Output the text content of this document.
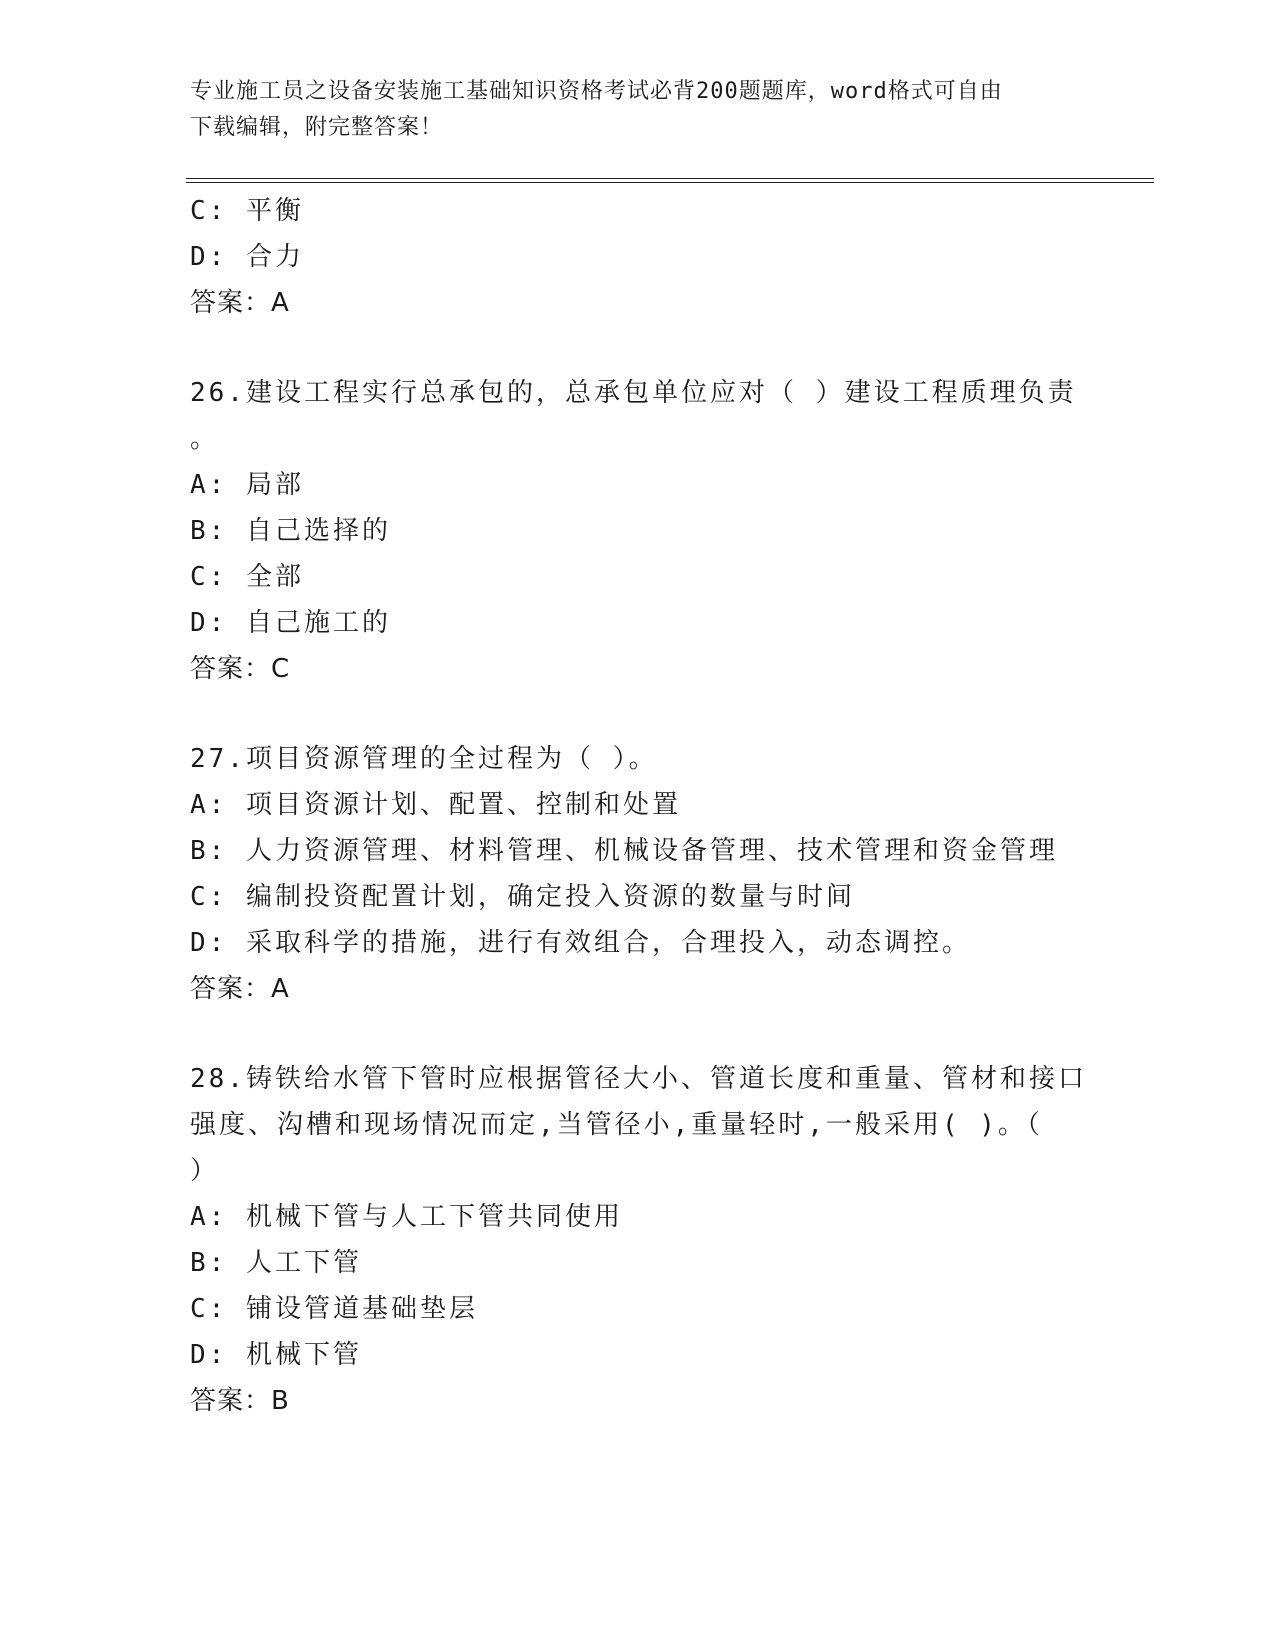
专业施工员之设备安装施工基础知识资格考试必背200题题库，word格式可自由
下载编辑，附完整答案！
C: 平衡
D: 合力
答案：A
26.建设工程实行总承包的，总承包单位应对（ ）建设工程质理负责
。
A: 局部
B: 自己选择的
C: 全部
D: 自己施工的
答案：C
27.项目资源管理的全过程为（ ）。
A: 项目资源计划、配置、控制和处置
B: 人力资源管理、材料管理、机械设备管理、技术管理和资金管理
C: 编制投资配置计划，确定投入资源的数量与时间
D: 采取科学的措施，进行有效组合，合理投入，动态调控。
答案：A
28.铸铁给水管下管时应根据管径大小、管道长度和重量、管材和接口
强度、沟槽和现场情况而定,当管径小,重量轻时,一般采用( )。（
）
A: 机械下管与人工下管共同使用
B: 人工下管
C: 铺设管道基础垫层
D: 机械下管
答案：B
